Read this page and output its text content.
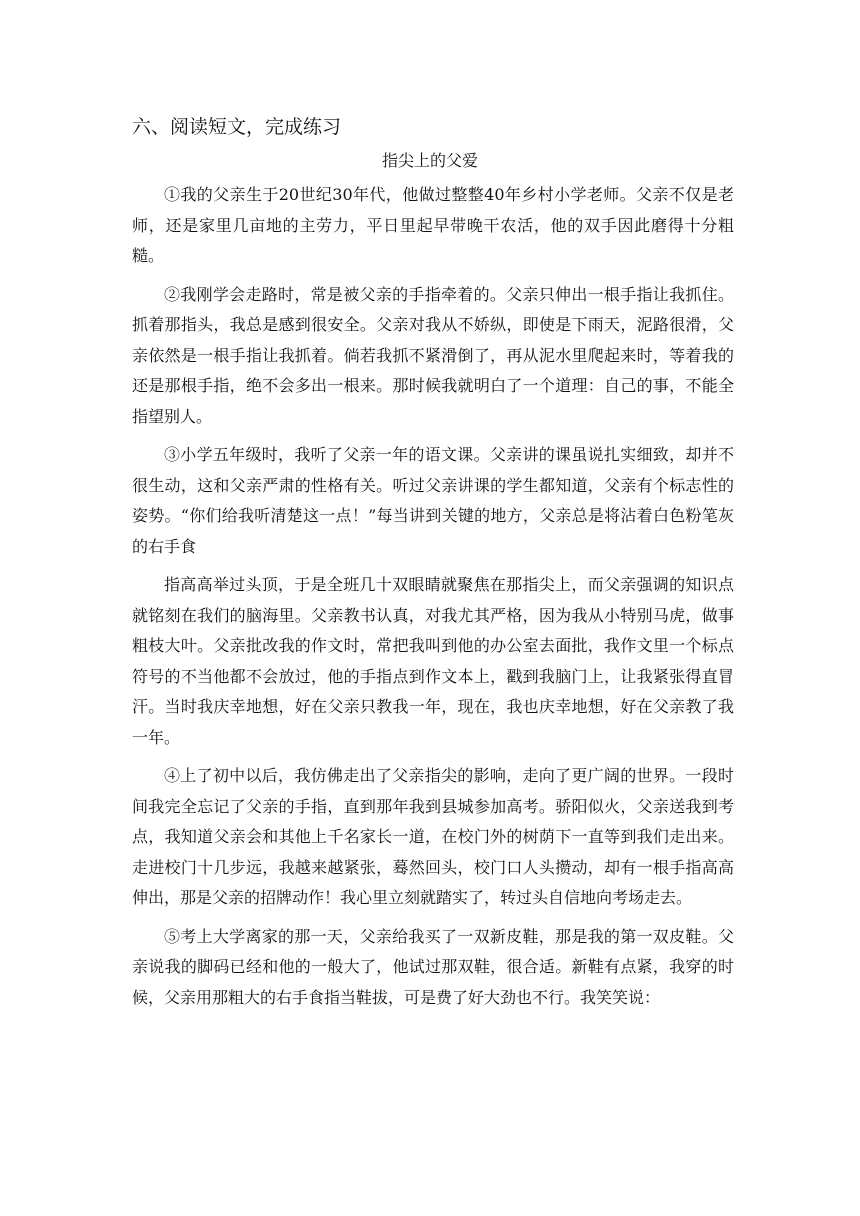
六、阅读短文，完成练习
指尖上的父爱

①我的父亲生于20世纪30年代，他做过整整40年乡村小学老师。父亲不仅是老师，还是家里几亩地的主劳力，平日里起早带晚干农活，他的双手因此磨得十分粗糙。

②我刚学会走路时，常是被父亲的手指牵着的。父亲只伸出一根手指让我抓住。抓着那指头，我总是感到很安全。父亲对我从不娇纵，即使是下雨天，泥路很滑，父亲依然是一根手指让我抓着。倘若我抓不紧滑倒了，再从泥水里爬起来时，等着我的还是那根手指，绝不会多出一根来。那时候我就明白了一个道理：自己的事，不能全指望别人。

③小学五年级时，我听了父亲一年的语文课。父亲讲的课虽说扎实细致，却并不很生动，这和父亲严肃的性格有关。听过父亲讲课的学生都知道，父亲有个标志性的姿势。“你们给我听清楚这一点！”每当讲到关键的地方，父亲总是将沾着白色粉笔灰的右手食

指高高举过头顶，于是全班几十双眼睛就聚焦在那指尖上，而父亲强调的知识点就铭刻在我们的脑海里。父亲教书认真，对我尤其严格，因为我从小特别马虎，做事粗枝大叶。父亲批改我的作文时，常把我叫到他的办公室去面批，我作文里一个标点符号的不当他都不会放过，他的手指点到作文本上，戳到我脑门上，让我紧张得直冒汗。当时我庆幸地想，好在父亲只教我一年，现在，我也庆幸地想，好在父亲教了我一年。

④上了初中以后，我仿佛走出了父亲指尖的影响，走向了更广阔的世界。一段时间我完全忘记了父亲的手指，直到那年我到县城参加高考。骄阳似火，父亲送我到考点，我知道父亲会和其他上千名家长一道，在校门外的树荫下一直等到我们走出来。走进校门十几步远，我越来越紧张，蓦然回头，校门口人头攒动，却有一根手指高高伸出，那是父亲的招牌动作！我心里立刻就踏实了，转过头自信地向考场走去。

⑤考上大学离家的那一天，父亲给我买了一双新皮鞋，那是我的第一双皮鞋。父亲说我的脚码已经和他的一般大了，他试过那双鞋，很合适。新鞋有点紧，我穿的时候，父亲用那粗大的右手食指当鞋拔，可是费了好大劲也不行。我笑笑说：
